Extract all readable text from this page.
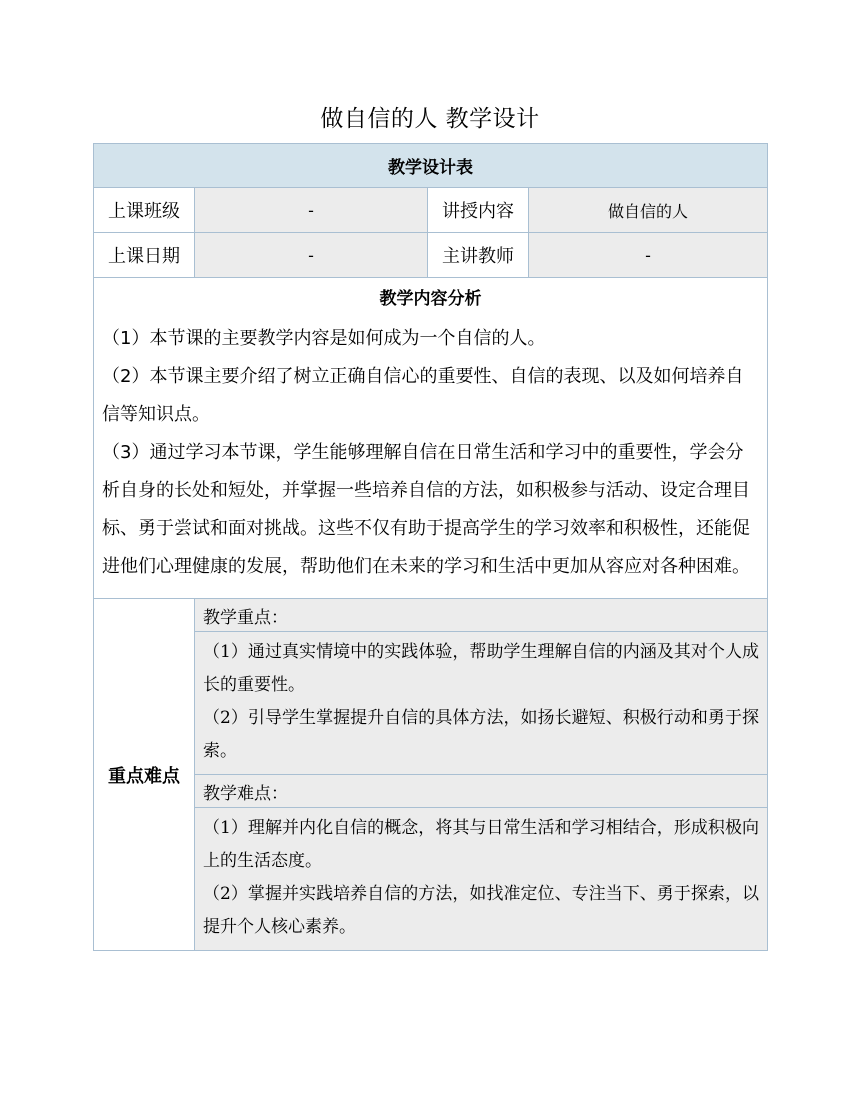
做自信的人 教学设计
教学设计表			
上课班级	-	讲授内容	做自信的人
上课日期	-	主讲教师	-

教学内容分析

（1）本节课的主要教学内容是如何成为一个自信的人。

（2）本节课主要介绍了树立正确自信心的重要性、自信的表现、以及如何培养自信等知识点。

（3）通过学习本节课，学生能够理解自信在日常生活和学习中的重要性，学会分析自身的长处和短处，并掌握一些培养自信的方法，如积极参与活动、设定合理目标、勇于尝试和面对挑战。这些不仅有助于提高学生的学习效率和积极性，还能促进他们心理健康的发展，帮助他们在未来的学习和生活中更加从容应对各种困难。			

重点难点	教学重点：		

	（1）通过真实情境中的实践体验，帮助学生理解自信的内涵及其对个人成长的重要性。

（2）引导学生掌握提升自信的具体方法，如扬长避短、积极行动和勇于探索。		

	教学难点：		

	（1）理解并内化自信的概念，将其与日常生活和学习相结合，形成积极向上的生活态度。

（2）掌握并实践培养自信的方法，如找准定位、专注当下、勇于探索，以提升个人核心素养。		
